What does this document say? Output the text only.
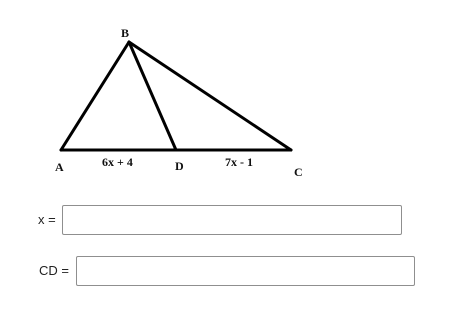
B
A	D	C
6x + 4	7x - 1
x =
CD =
